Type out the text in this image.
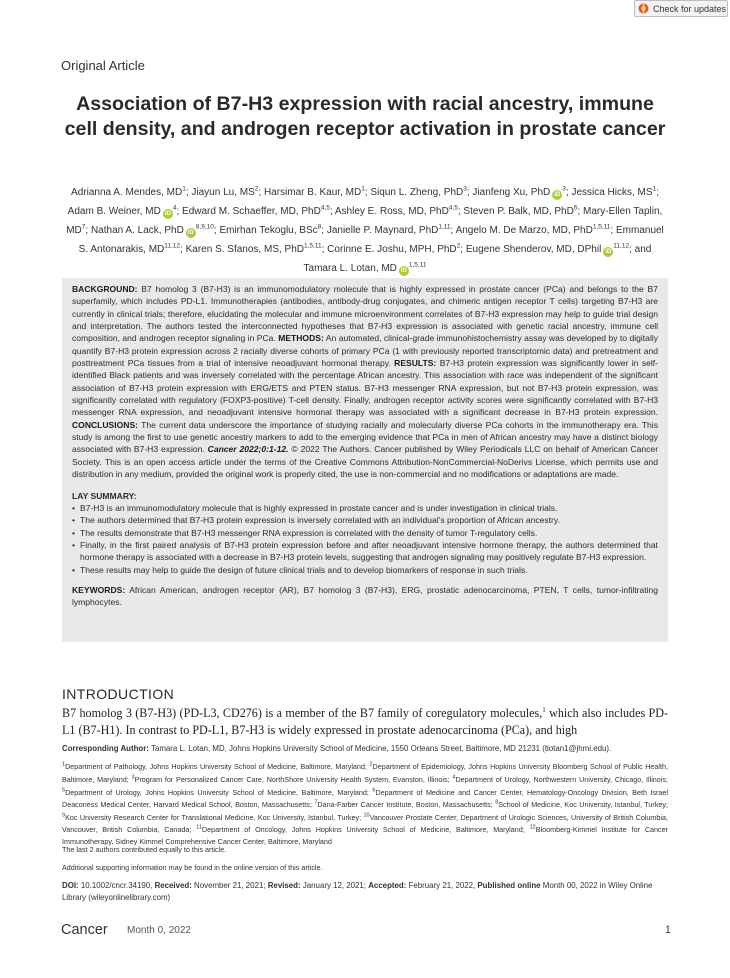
Check for updates
Original Article
Association of B7-H3 expression with racial ancestry, immune cell density, and androgen receptor activation in prostate cancer
Adrianna A. Mendes, $MD^1$; Jiayun Lu, $MS^2$; Harsimar B. Kaur, $MD^1$; Siqun L. Zheng, PhD$^3$; Jianfeng Xu, PhD $iD^3$; Jessica Hicks, $MS^1$; Adam B. Weiner, MD $iD^4$; Edward M. Schaeffer, MD, PhD$^{4,5}$; Ashley E. Ross, MD, PhD$^{4,5}$; Steven P. Balk, MD, PhD$^6$; Mary-Ellen Taplin, $MD^7$; Nathan A. Lack, PhD iD$^{8,9,10}$; Emirhan Tekoglu, BSc$^8$; Janielle P. Maynard, PhD$^{1,11}$; Angelo M. De Marzo, MD, PhD$^{1,5,11}$; Emmanuel S. Antonarakis, MD$^{11,12}$; Karen S. Sfanos, MS, PhD$^{1,5,11}$; Corinne E. Joshu, MPH, PhD$^2$; Eugene Shenderov, MD, DPhil iD$^{11,12}$; and Tamara L. Lotan, MD iD$^{1,5,11}$
BACKGROUND: B7 homolog 3 (B7-H3) is an immunomodulatory molecule that is highly expressed in prostate cancer (PCa) and belongs to the B7 superfamily, which includes PD-L1. Immunotherapies (antibodies, antibody-drug conjugates, and chimeric antigen receptor T cells) targeting B7-H3 are currently in clinical trials; therefore, elucidating the molecular and immune microenvironment correlates of B7-H3 expression may help to guide trial design and interpretation. The authors tested the interconnected hypotheses that B7-H3 expression is associated with genetic racial ancestry, immune cell composition, and androgen receptor signaling in PCa. METHODS: An automated, clinical-grade immunohistochemistry assay was developed by to digitally quantify B7-H3 protein expression across 2 racially diverse cohorts of primary PCa (1 with previously reported transcriptomic data) and pretreatment and posttreatment PCa tissues from a trial of intensive neoadjuvant hormonal therapy. RESULTS: B7-H3 protein expression was significantly lower in self-identified Black patients and was inversely correlated with the percentage African ancestry. This association with race was independent of the significant association of B7-H3 protein expression with ERG/ETS and PTEN status. B7-H3 messenger RNA expression, but not B7-H3 protein expression, was significantly correlated with regulatory (FOXP3-positive) T-cell density. Finally, androgen receptor activity scores were significantly correlated with B7-H3 messenger RNA expression, and neoadjuvant intensive hormonal therapy was associated with a significant decrease in B7-H3 protein expression. CONCLUSIONS: The current data underscore the importance of studying racially and molecularly diverse PCa cohorts in the immunotherapy era. This study is among the first to use genetic ancestry markers to add to the emerging evidence that PCa in men of African ancestry may have a distinct biology associated with B7-H3 expression. Cancer 2022;0:1-12. © 2022 The Authors. Cancer published by Wiley Periodicals LLC on behalf of American Cancer Society. This is an open access article under the terms of the Creative Commons Attribution-NonCommercial-NoDerivs License, which permits use and distribution in any medium, provided the original work is properly cited, the use is non-commercial and no modifications or adaptations are made.
LAY SUMMARY:
• B7-H3 is an immunomodulatory molecule that is highly expressed in prostate cancer and is under investigation in clinical trials.
• The authors determined that B7-H3 protein expression is inversely correlated with an individual's proportion of African ancestry.
• The results demonstrate that B7-H3 messenger RNA expression is correlated with the density of tumor T-regulatory cells.
• Finally, in the first paired analysis of B7-H3 protein expression before and after neoadjuvant intensive hormone therapy, the authors determined that hormone therapy is associated with a decrease in B7-H3 protein levels, suggesting that androgen signaling may positively regulate B7-H3 expression.
• These results may help to guide the design of future clinical trials and to develop biomarkers of response in such trials.
KEYWORDS: African American, androgen receptor (AR), B7 homolog 3 (B7-H3), ERG, prostatic adenocarcinoma, PTEN, T cells, tumor-infiltrating lymphocytes.
INTRODUCTION
B7 homolog 3 (B7-H3) (PD-L3, CD276) is a member of the B7 family of coregulatory molecules,$^1$ which also includes PD-L1 (B7-H1). In contrast to PD-L1, B7-H3 is widely expressed in prostate adenocarcinoma (PCa), and high
Corresponding Author: Tamara L. Lotan, MD, Johns Hopkins University School of Medicine, 1550 Orleans Street, Baltimore, MD 21231 (tlotan1@jhmi.edu).
$^1$Department of Pathology, Johns Hopkins University School of Medicine, Baltimore, Maryland; $^2$Department of Epidemiology, Johns Hopkins University Bloomberg School of Public Health, Baltimore, Maryland; $^3$Program for Personalized Cancer Care, NorthShore University Health System, Evanston, Illinois; $^4$Department of Urology, Northwestern University, Chicago, Illinois; $^5$Department of Urology, Johns Hopkins University School of Medicine, Baltimore, Maryland; $^6$Department of Medicine and Cancer Center, Hematology-Oncology Division, Beth Israel Deaconess Medical Center, Harvard Medical School, Boston, Massachusetts; $^7$Dana-Farber Cancer Institute, Boston, Massachusetts; $^8$School of Medicine, Koc University, Istanbul, Turkey; $^9$Koc University Research Center for Translational Medicine, Koc University, Istanbul, Turkey; $^{10}$Vancouver Prostate Center, Department of Urologic Sciences, University of British Columbia, Vancouver, British Columbia, Canada; $^{11}$Department of Oncology, Johns Hopkins University School of Medicine, Baltimore, Maryland; $^{12}$Bloomberg-Kimmel Institute for Cancer Immunotherapy, Sidney Kimmel Comprehensive Cancer Center, Baltimore, Maryland
The last 2 authors contributed equally to this article.
Additional supporting information may be found in the online version of this article.
DOI: 10.1002/cncr.34190, Received: November 21, 2021; Revised: January 12, 2021; Accepted: February 21, 2022, Published online Month 00, 2022 in Wiley Online Library (wileyonlinelibrary.com)
Cancer Month 0, 2022	1
